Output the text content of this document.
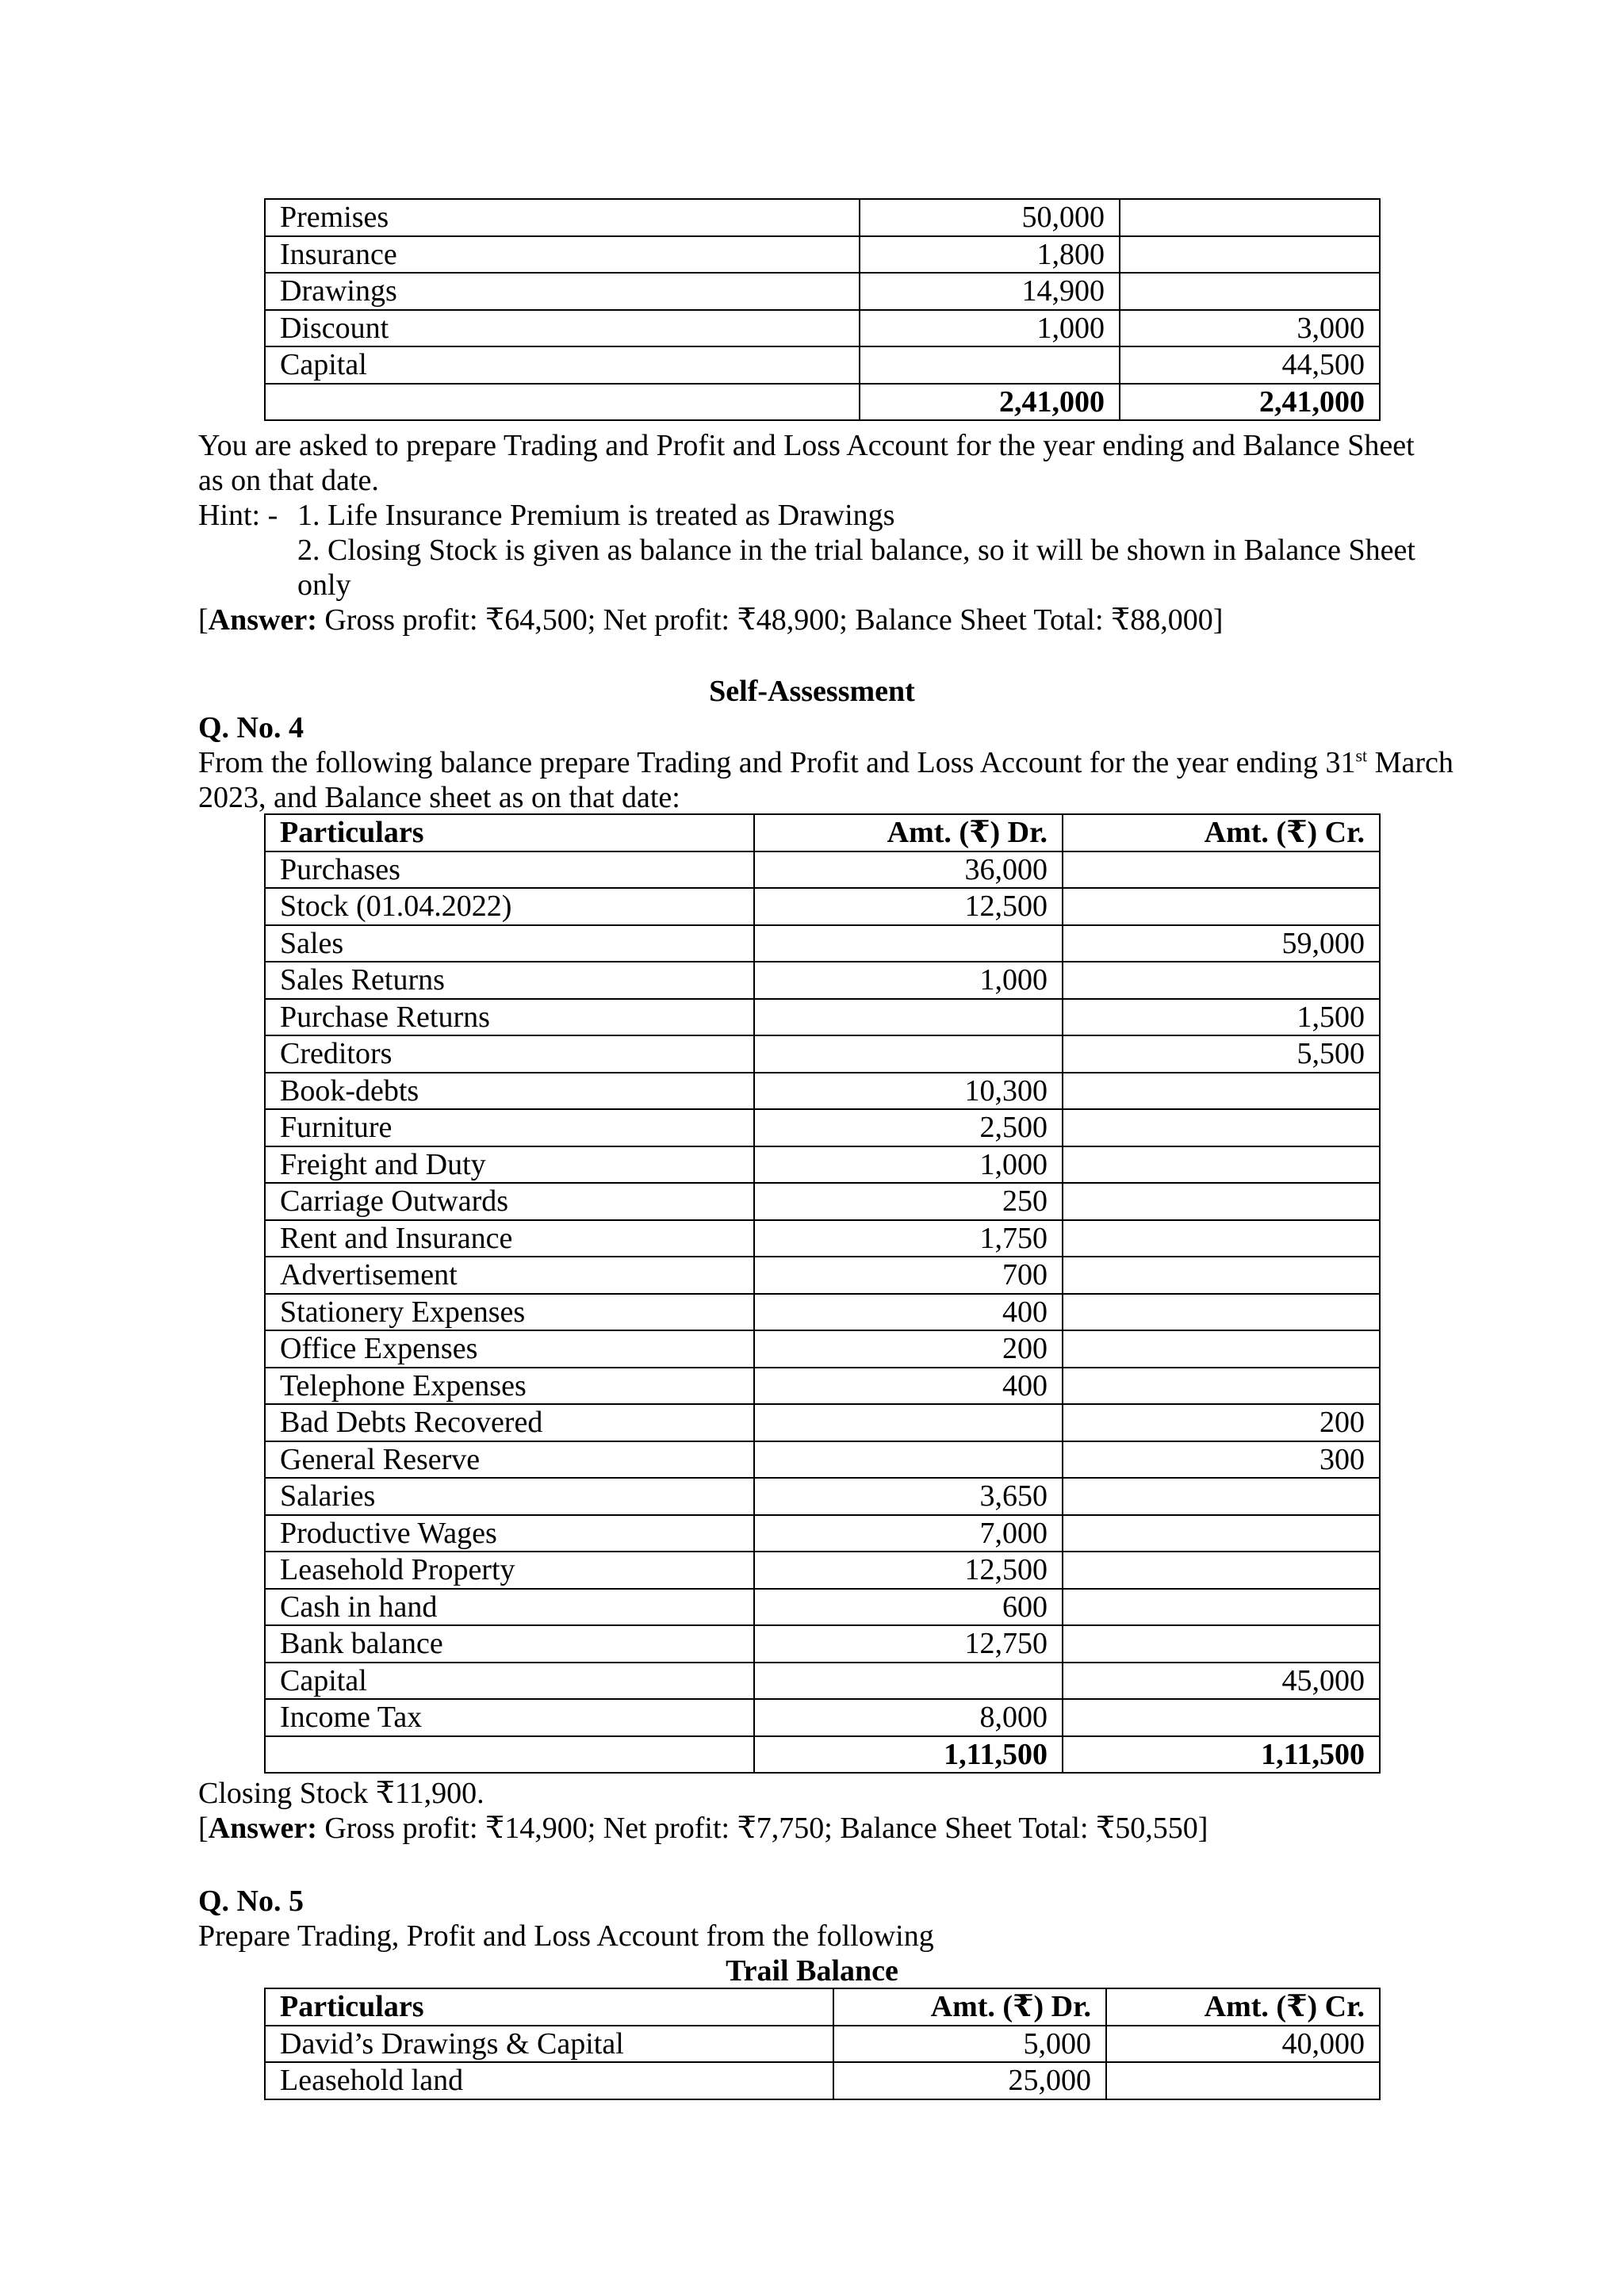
Premises	50,000	
Insurance	1,800	
Drawings	14,900	
Discount	1,000	3,000
Capital		44,500
	2,41,000	2,41,000
You are asked to prepare Trading and Profit and Loss Account for the year ending and Balance Sheet
as on that date.
Hint: - 1. Life Insurance Premium is treated as Drawings
2. Closing Stock is given as balance in the trial balance, so it will be shown in Balance Sheet
only
[Answer: Gross profit: ₹64,500; Net profit: ₹48,900; Balance Sheet Total: ₹88,000]
Self-Assessment
Q. No. 4
From the following balance prepare Trading and Profit and Loss Account for the year ending 31st March
2023, and Balance sheet as on that date:
Particulars	Amt. (₹) Dr.	Amt. (₹) Cr.
Purchases	36,000	
Stock (01.04.2022)	12,500	
Sales		59,000
Sales Returns	1,000	
Purchase Returns		1,500
Creditors		5,500
Book-debts	10,300	
Furniture	2,500	
Freight and Duty	1,000	
Carriage Outwards	250	
Rent and Insurance	1,750	
Advertisement	700	
Stationery Expenses	400	
Office Expenses	200	
Telephone Expenses	400	
Bad Debts Recovered		200
General Reserve		300
Salaries	3,650	
Productive Wages	7,000	
Leasehold Property	12,500	
Cash in hand	600	
Bank balance	12,750	
Capital		45,000
Income Tax	8,000	
	1,11,500	1,11,500
Closing Stock ₹11,900.
[Answer: Gross profit: ₹14,900; Net profit: ₹7,750; Balance Sheet Total: ₹50,550]
Q. No. 5
Prepare Trading, Profit and Loss Account from the following
Trail Balance
Particulars	Amt. (₹) Dr.	Amt. (₹) Cr.
David’s Drawings & Capital	5,000	40,000
Leasehold land	25,000	
